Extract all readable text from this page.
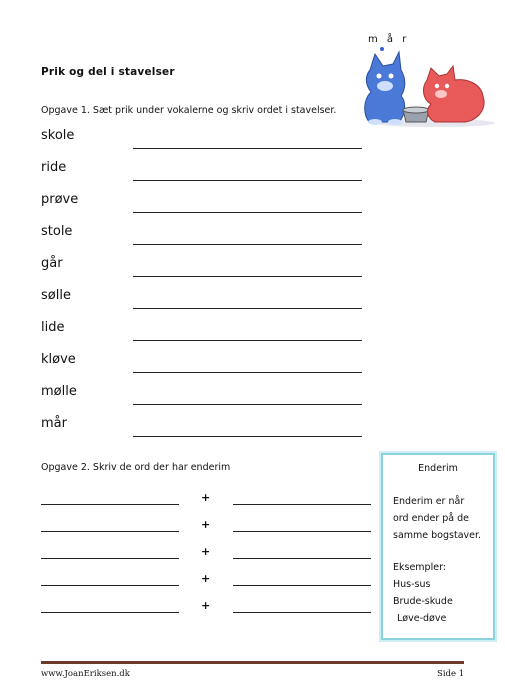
Prik og del i stavelser
m å r
Opgave 1. Sæt prik under vokalerne og skriv ordet i stavelser.
skole
ride
prøve
stole
går
sølle
lide
kløve
mølle
mår
Opgave 2. Skriv de ord der har enderim
+
+
+
+
+
Enderim
Enderim er når
ord ender på de
samme bogstaver.
Eksempler:
Hus-sus
Brude-skude
Løve-døve
www.JoanEriksen.dk	Side 1
